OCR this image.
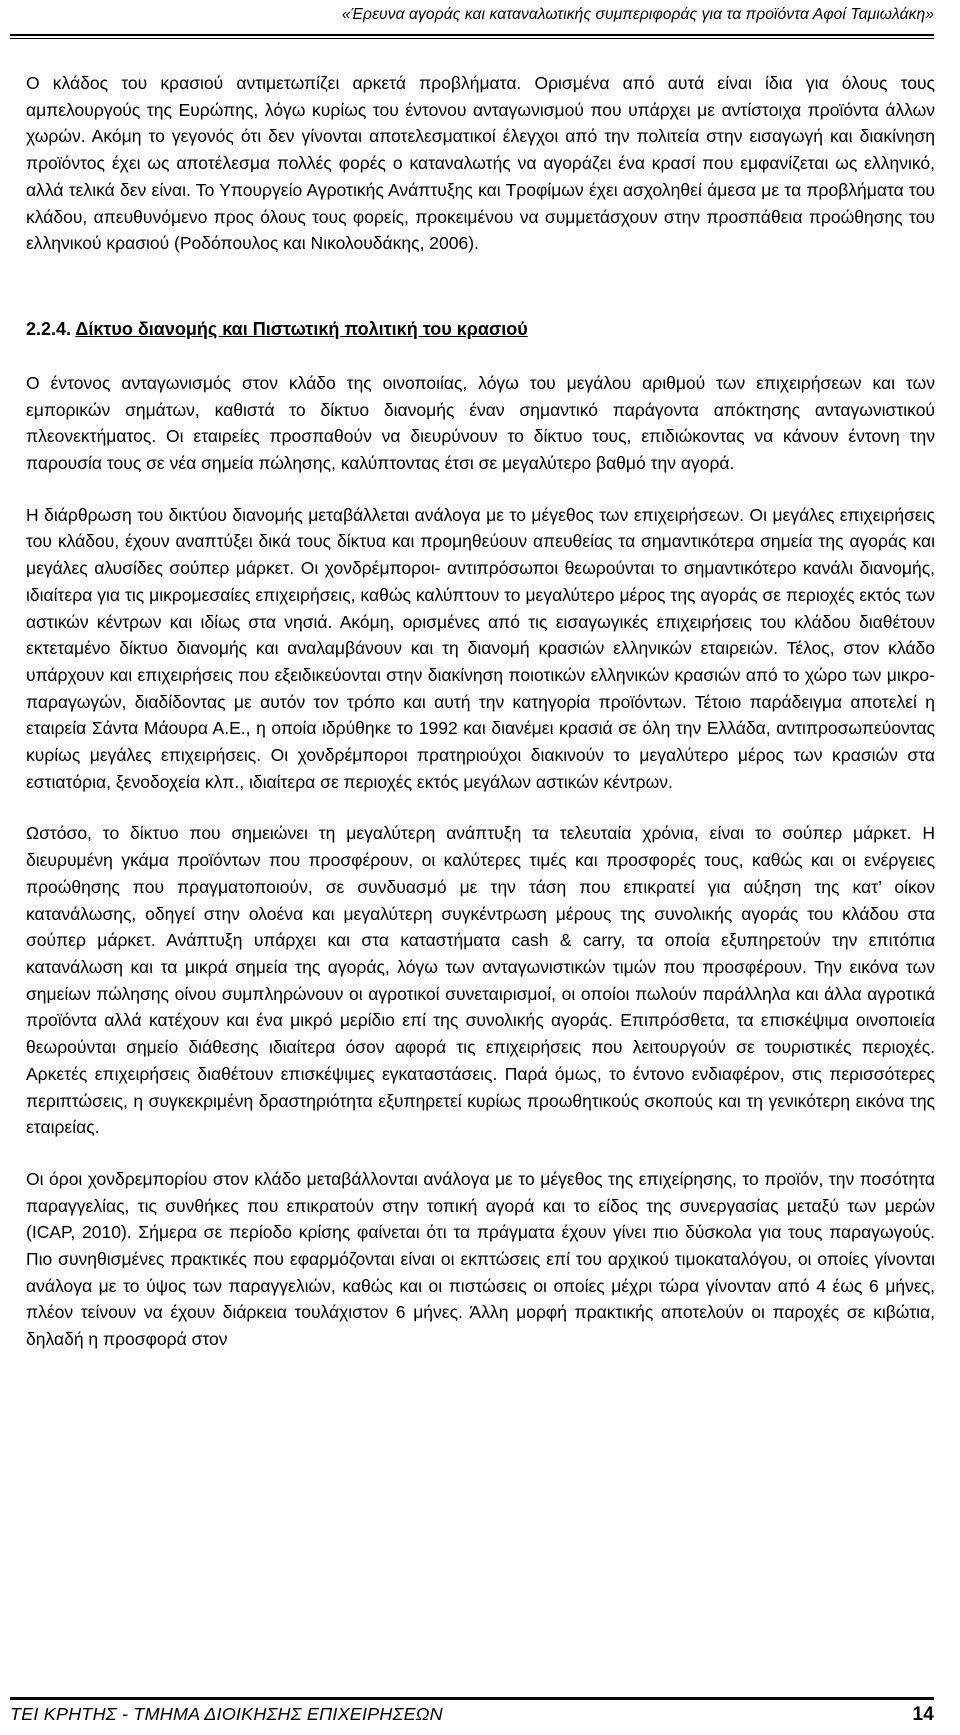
«Έρευνα αγοράς και καταναλωτικής συμπεριφοράς για τα προϊόντα Αφοί Ταμιωλάκη»

Ο κλάδος του κρασιού αντιμετωπίζει αρκετά προβλήματα. Ορισμένα από αυτά είναι ίδια για όλους τους αμπελουργούς της Ευρώπης, λόγω κυρίως του έντονου ανταγωνισμού που υπάρχει με αντίστοιχα προϊόντα άλλων χωρών. Ακόμη το γεγονός ότι δεν γίνονται αποτελεσματικοί έλεγχοι από την πολιτεία στην εισαγωγή και διακίνηση προϊόντος έχει ως αποτέλεσμα πολλές φορές ο καταναλωτής να αγοράζει ένα κρασί που εμφανίζεται ως ελληνικό, αλλά τελικά δεν είναι. Το Υπουργείο Αγροτικής Ανάπτυξης και Τροφίμων έχει ασχοληθεί άμεσα με τα προβλήματα του κλάδου, απευθυνόμενο προς όλους τους φορείς, προκειμένου να συμμετάσχουν στην προσπάθεια προώθησης του ελληνικού κρασιού (Ροδόπουλος και Νικολουδάκης, 2006).

2.2.4. Δίκτυο διανομής και Πιστωτική πολιτική του κρασιού

Ο έντονος ανταγωνισμός στον κλάδο της οινοποιίας, λόγω του μεγάλου αριθμού των επιχειρήσεων και των εμπορικών σημάτων, καθιστά το δίκτυο διανομής έναν σημαντικό παράγοντα απόκτησης ανταγωνιστικού πλεονεκτήματος. Οι εταιρείες προσπαθούν να διευρύνουν το δίκτυο τους, επιδιώκοντας να κάνουν έντονη την παρουσία τους σε νέα σημεία πώλησης, καλύπτοντας έτσι σε μεγαλύτερο βαθμό την αγορά.

Η διάρθρωση του δικτύου διανομής μεταβάλλεται ανάλογα με το μέγεθος των επιχειρήσεων. Οι μεγάλες επιχειρήσεις του κλάδου, έχουν αναπτύξει δικά τους δίκτυα και προμηθεύουν απευθείας τα σημαντικότερα σημεία της αγοράς και μεγάλες αλυσίδες σούπερ μάρκετ. Οι χονδρέμποροι- αντιπρόσωποι θεωρούνται το σημαντικότερο κανάλι διανομής, ιδιαίτερα για τις μικρομεσαίες επιχειρήσεις, καθώς καλύπτουν το μεγαλύτερο μέρος της αγοράς σε περιοχές εκτός των αστικών κέντρων και ιδίως στα νησιά. Ακόμη, ορισμένες από τις εισαγωγικές επιχειρήσεις του κλάδου διαθέτουν εκτεταμένο δίκτυο διανομής και αναλαμβάνουν και τη διανομή κρασιών ελληνικών εταιρειών. Τέλος, στον κλάδο υπάρχουν και επιχειρήσεις που εξειδικεύονται στην διακίνηση ποιοτικών ελληνικών κρασιών από το χώρο των μικρο- παραγωγών, διαδίδοντας με αυτόν τον τρόπο και αυτή την κατηγορία προϊόντων. Τέτοιο παράδειγμα αποτελεί η εταιρεία Σάντα Μάουρα Α.Ε., η οποία ιδρύθηκε το 1992 και διανέμει κρασιά σε όλη την Ελλάδα, αντιπροσωπεύοντας κυρίως μεγάλες επιχειρήσεις. Οι χονδρέμποροι πρατηριούχοι διακινούν το μεγαλύτερο μέρος των κρασιών στα εστιατόρια, ξενοδοχεία κλπ., ιδιαίτερα σε περιοχές εκτός μεγάλων αστικών κέντρων.

Ωστόσο, το δίκτυο που σημειώνει τη μεγαλύτερη ανάπτυξη τα τελευταία χρόνια, είναι το σούπερ μάρκετ. Η διευρυμένη γκάμα προϊόντων που προσφέρουν, οι καλύτερες τιμές και προσφορές τους, καθώς και οι ενέργειες προώθησης που πραγματοποιούν, σε συνδυασμό με την τάση που επικρατεί για αύξηση της κατ’ οίκον κατανάλωσης, οδηγεί στην ολοένα και μεγαλύτερη συγκέντρωση μέρους της συνολικής αγοράς του κλάδου στα σούπερ μάρκετ. Ανάπτυξη υπάρχει και στα καταστήματα cash & carry, τα οποία εξυπηρετούν την επιτόπια κατανάλωση και τα μικρά σημεία της αγοράς, λόγω των ανταγωνιστικών τιμών που προσφέρουν. Την εικόνα των σημείων πώλησης οίνου συμπληρώνουν οι αγροτικοί συνεταιρισμοί, οι οποίοι πωλούν παράλληλα και άλλα αγροτικά προϊόντα αλλά κατέχουν και ένα μικρό μερίδιο επί της συνολικής αγοράς. Επιπρόσθετα, τα επισκέψιμα οινοποιεία θεωρούνται σημείο διάθεσης ιδιαίτερα όσον αφορά τις επιχειρήσεις που λειτουργούν σε τουριστικές περιοχές. Αρκετές επιχειρήσεις διαθέτουν επισκέψιμες εγκαταστάσεις. Παρά όμως, το έντονο ενδιαφέρον, στις περισσότερες περιπτώσεις, η συγκεκριμένη δραστηριότητα εξυπηρετεί κυρίως προωθητικούς σκοπούς και τη γενικότερη εικόνα της εταιρείας.

Οι όροι χονδρεμπορίου στον κλάδο μεταβάλλονται ανάλογα με το μέγεθος της επιχείρησης, το προϊόν, την ποσότητα παραγγελίας, τις συνθήκες που επικρατούν στην τοπική αγορά και το είδος της συνεργασίας μεταξύ των μερών (ICAP, 2010). Σήμερα σε περίοδο κρίσης φαίνεται ότι τα πράγματα έχουν γίνει πιο δύσκολα για τους παραγωγούς. Πιο συνηθισμένες πρακτικές που εφαρμόζονται είναι οι εκπτώσεις επί του αρχικού τιμοκαταλόγου, οι οποίες γίνονται ανάλογα με το ύψος των παραγγελιών, καθώς και οι πιστώσεις οι οποίες μέχρι τώρα γίνονταν από 4 έως 6 μήνες, πλέον τείνουν να έχουν διάρκεια τουλάχιστον 6 μήνες. Άλλη μορφή πρακτικής αποτελούν οι παροχές σε κιβώτια, δηλαδή η προσφορά στον

ΤΕΙ ΚΡΗΤΗΣ - ΤΜΗΜΑ ΔΙΟΙΚΗΣΗΣ ΕΠΙΧΕΙΡΗΣΕΩΝ	14
